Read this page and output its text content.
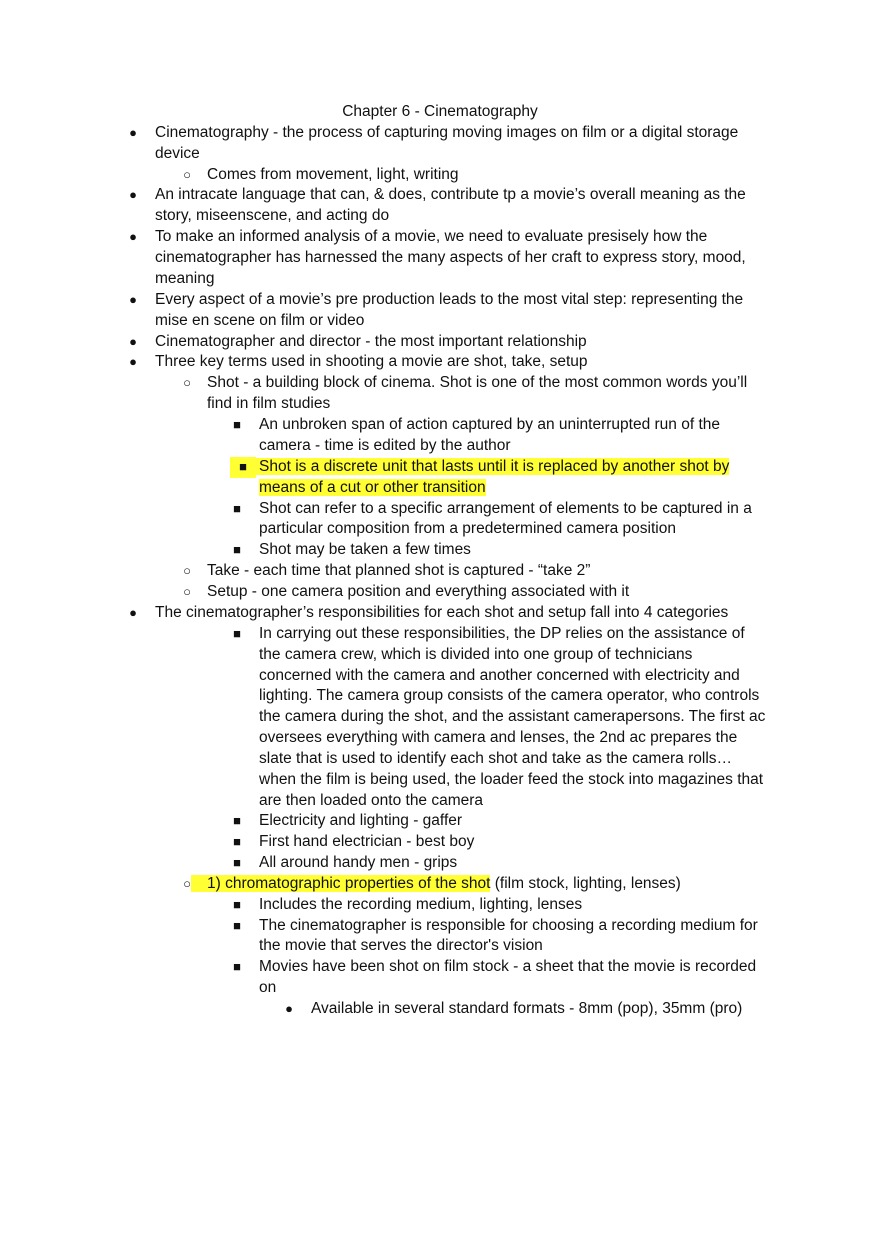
Chapter 6 - Cinematography
● Cinematography - the process of capturing moving images on film or a digital storage
device
○ Comes from movement, light, writing
● An intracate language that can, & does, contribute tp a movie’s overall meaning as the
story, miseenscene, and acting do
● To make an informed analysis of a movie, we need to evaluate presisely how the
cinematographer has harnessed the many aspects of her craft to express story, mood,
meaning
● Every aspect of a movie’s pre production leads to the most vital step: representing the
mise en scene on film or video
● Cinematographer and director - the most important relationship
● Three key terms used in shooting a movie are shot, take, setup
○ Shot - a building block of cinema. Shot is one of the most common words you’ll
find in film studies
■ An unbroken span of action captured by an uninterrupted run of the
camera - time is edited by the author
■ Shot is a discrete unit that lasts until it is replaced by another shot by
means of a cut or other transition
■ Shot can refer to a specific arrangement of elements to be captured in a
particular composition from a predetermined camera position
■ Shot may be taken a few times
○ Take - each time that planned shot is captured - “take 2”
○ Setup - one camera position and everything associated with it
● The cinematographer’s responsibilities for each shot and setup fall into 4 categories
■ In carrying out these responsibilities, the DP relies on the assistance of
the camera crew, which is divided into one group of technicians
concerned with the camera and another concerned with electricity and
lighting. The camera group consists of the camera operator, who controls
the camera during the shot, and the assistant camerapersons. The first ac
oversees everything with camera and lenses, the 2nd ac prepares the
slate that is used to identify each shot and take as the camera rolls…
when the film is being used, the loader feed the stock into magazines that
are then loaded onto the camera
■ Electricity and lighting - gaffer
■ First hand electrician - best boy
■ All around handy men - grips
○	1) chromatographic properties of the shot (film stock, lighting, lenses)
■ Includes the recording medium, lighting, lenses
■ The cinematographer is responsible for choosing a recording medium for
the movie that serves the director's vision
■ Movies have been shot on film stock - a sheet that the movie is recorded
on
● Available in several standard formats - 8mm (pop), 35mm (pro)
